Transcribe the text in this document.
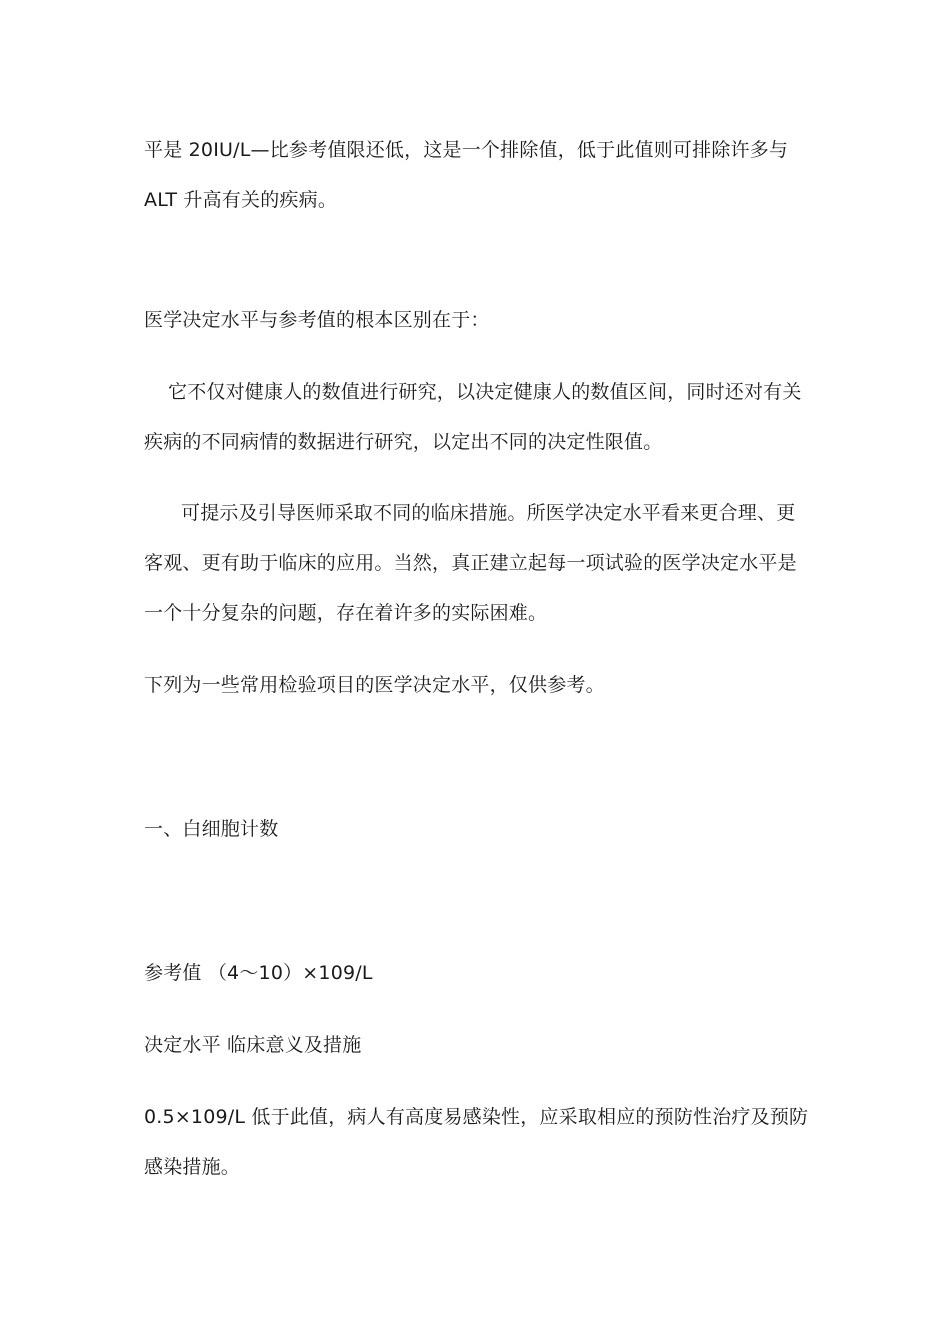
平是 20IU/L—比参考值限还低，这是一个排除值，低于此值则可排除许多与
ALT 升高有关的疾病。
医学决定水平与参考值的根本区别在于：
它不仅对健康人的数值进行研究，以决定健康人的数值区间，同时还对有关
疾病的不同病情的数据进行研究，以定出不同的决定性限值。
可提示及引导医师采取不同的临床措施。所医学决定水平看来更合理、更
客观、更有助于临床的应用。当然，真正建立起每一项试验的医学决定水平是
一个十分复杂的问题，存在着许多的实际困难。
下列为一些常用检验项目的医学决定水平，仅供参考。
一、白细胞计数
参考值 （4～10）×109/L
决定水平 临床意义及措施
0.5×109/L 低于此值，病人有高度易感染性，应采取相应的预防性治疗及预防
感染措施。
